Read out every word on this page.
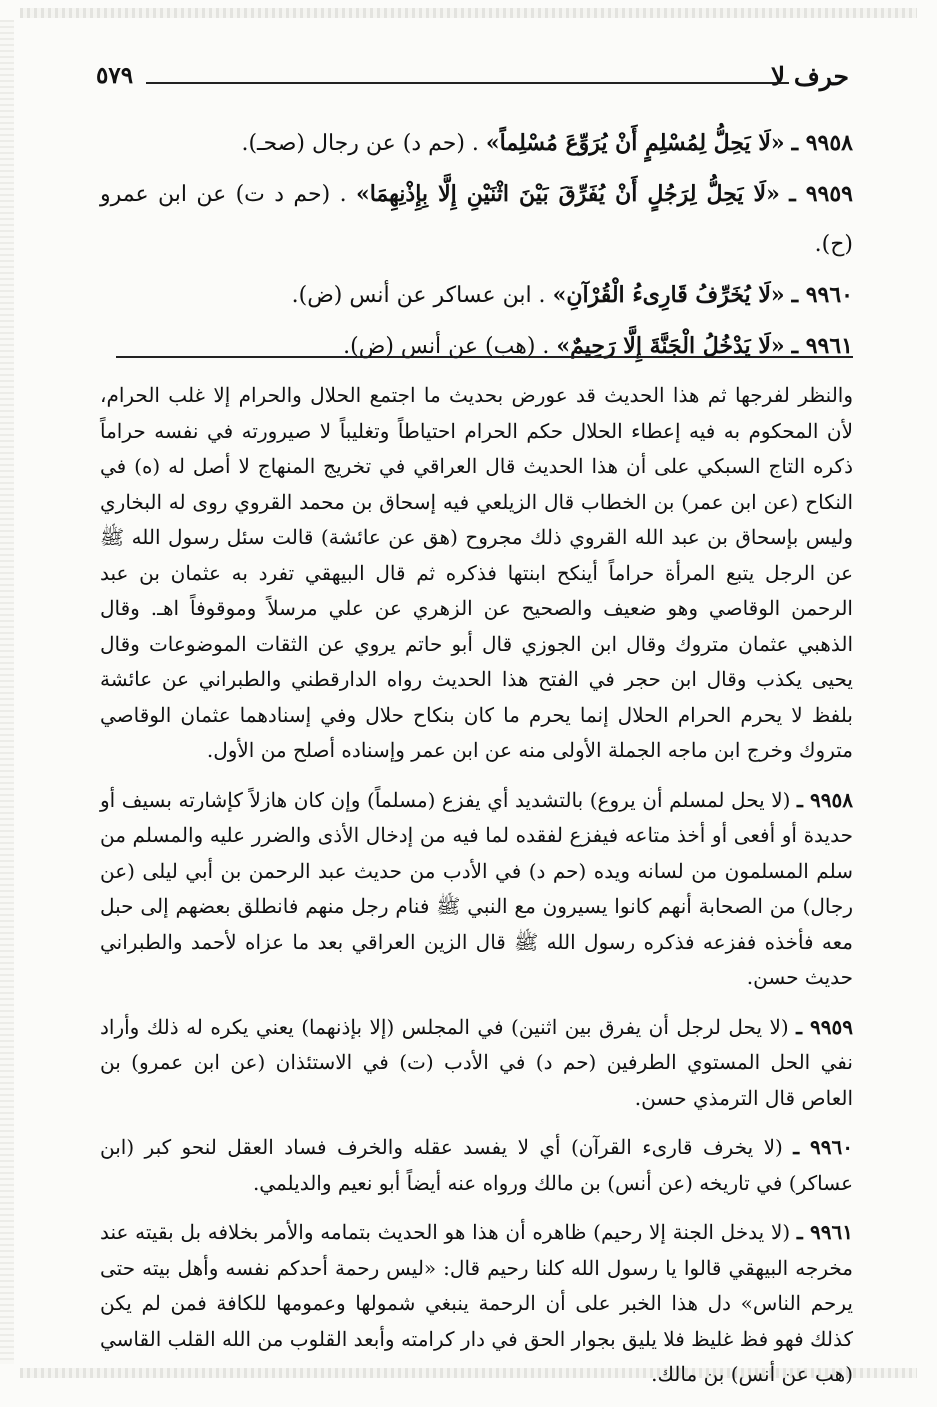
حرف لا
٥٧٩
٩٩٥٨ ـ «لَا يَحِلُّ لِمُسْلِمٍ أَنْ يُرَوِّعَ مُسْلِماً» . (حم د) عن رجال (صحـ).
٩٩٥٩ ـ «لَا يَحِلُّ لِرَجُلٍ أَنْ يُفَرِّقَ بَيْنَ اثْنَيْنِ إِلَّا بِإِذْنِهِمَا» . (حم د ت) عن ابن عمرو (ح).
٩٩٦٠ ـ «لَا يُخَرِّفُ قَارِىءُ الْقُرْآنِ» . ابن عساكر عن أنس (ض).
٩٩٦١ ـ «لَا يَدْخُلُ الْجَنَّةَ إِلَّا رَحِيمٌ» . (هب) عن أنس (ض).

والنظر لفرجها ثم هذا الحديث قد عورض بحديث ما اجتمع الحلال والحرام إلا غلب الحرام، لأن المحكوم به فيه إعطاء الحلال حكم الحرام احتياطاً وتغليباً لا صيرورته في نفسه حراماً ذكره التاج السبكي على أن هذا الحديث قال العراقي في تخريج المنهاج لا أصل له (ه) في النكاح (عن ابن عمر) بن الخطاب قال الزيلعي فيه إسحاق بن محمد القروي روى له البخاري وليس بإسحاق بن عبد الله القروي ذلك مجروح (هق عن عائشة) قالت سئل رسول الله ﷺ عن الرجل يتبع المرأة حراماً أينكح ابنتها فذكره ثم قال البيهقي تفرد به عثمان بن عبد الرحمن الوقاصي وهو ضعيف والصحيح عن الزهري عن علي مرسلاً وموقوفاً اهـ. وقال الذهبي عثمان متروك وقال ابن الجوزي قال أبو حاتم يروي عن الثقات الموضوعات وقال يحيى يكذب وقال ابن حجر في الفتح هذا الحديث رواه الدارقطني والطبراني عن عائشة بلفظ لا يحرم الحرام الحلال إنما يحرم ما كان بنكاح حلال وفي إسنادهما عثمان الوقاصي متروك وخرج ابن ماجه الجملة الأولى منه عن ابن عمر وإسناده أصلح من الأول.

٩٩٥٨ ـ (لا يحل لمسلم أن يروع) بالتشديد أي يفزع (مسلماً) وإن كان هازلاً كإشارته بسيف أو حديدة أو أفعى أو أخذ متاعه فيفزع لفقده لما فيه من إدخال الأذى والضرر عليه والمسلم من سلم المسلمون من لسانه ويده (حم د) في الأدب من حديث عبد الرحمن بن أبي ليلى (عن رجال) من الصحابة أنهم كانوا يسيرون مع النبي ﷺ فنام رجل منهم فانطلق بعضهم إلى حبل معه فأخذه ففزعه فذكره رسول الله ﷺ قال الزين العراقي بعد ما عزاه لأحمد والطبراني حديث حسن.

٩٩٥٩ ـ (لا يحل لرجل أن يفرق بين اثنين) في المجلس (إلا بإذنهما) يعني يكره له ذلك وأراد نفي الحل المستوي الطرفين (حم د) في الأدب (ت) في الاستئذان (عن ابن عمرو) بن العاص قال الترمذي حسن.

٩٩٦٠ ـ (لا يخرف قارىء القرآن) أي لا يفسد عقله والخرف فساد العقل لنحو كبر (ابن عساكر) في تاريخه (عن أنس) بن مالك ورواه عنه أيضاً أبو نعيم والديلمي.

٩٩٦١ ـ (لا يدخل الجنة إلا رحيم) ظاهره أن هذا هو الحديث بتمامه والأمر بخلافه بل بقيته عند مخرجه البيهقي قالوا يا رسول الله كلنا رحيم قال: «ليس رحمة أحدكم نفسه وأهل بيته حتى يرحم الناس» دل هذا الخبر على أن الرحمة ينبغي شمولها وعمومها للكافة فمن لم يكن كذلك فهو فظ غليظ فلا يليق بجوار الحق في دار كرامته وأبعد القلوب من الله القلب القاسي (هب عن أنس) بن مالك.
